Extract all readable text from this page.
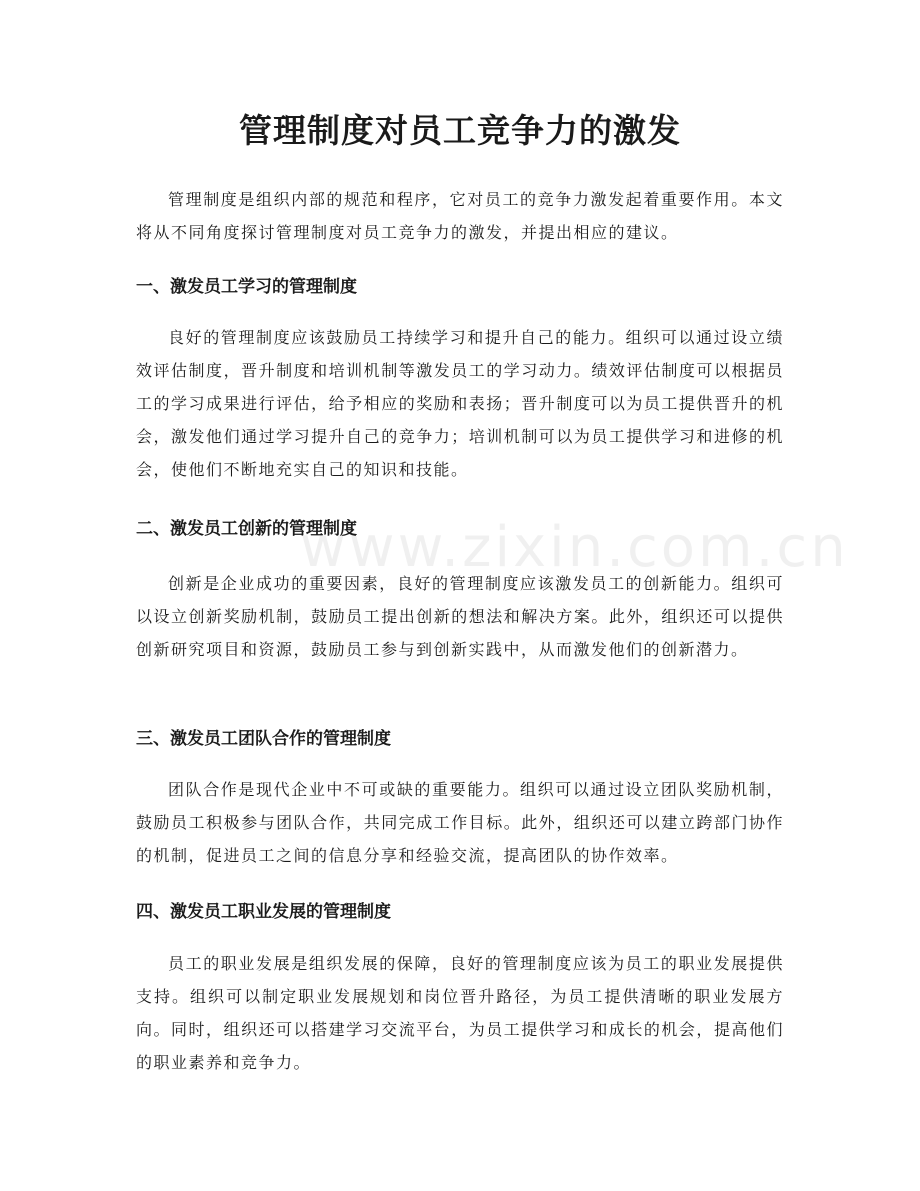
www.zixin.com.cn
管理制度对员工竞争力的激发

管理制度是组织内部的规范和程序，它对员工的竞争力激发起着重要作用。本文将从不同角度探讨管理制度对员工竞争力的激发，并提出相应的建议。

一、激发员工学习的管理制度

良好的管理制度应该鼓励员工持续学习和提升自己的能力。组织可以通过设立绩效评估制度，晋升制度和培训机制等激发员工的学习动力。绩效评估制度可以根据员工的学习成果进行评估，给予相应的奖励和表扬；晋升制度可以为员工提供晋升的机会，激发他们通过学习提升自己的竞争力；培训机制可以为员工提供学习和进修的机会，使他们不断地充实自己的知识和技能。

二、激发员工创新的管理制度

创新是企业成功的重要因素，良好的管理制度应该激发员工的创新能力。组织可以设立创新奖励机制，鼓励员工提出创新的想法和解决方案。此外，组织还可以提供创新研究项目和资源，鼓励员工参与到创新实践中，从而激发他们的创新潜力。

三、激发员工团队合作的管理制度

团队合作是现代企业中不可或缺的重要能力。组织可以通过设立团队奖励机制，鼓励员工积极参与团队合作，共同完成工作目标。此外，组织还可以建立跨部门协作的机制，促进员工之间的信息分享和经验交流，提高团队的协作效率。

四、激发员工职业发展的管理制度

员工的职业发展是组织发展的保障，良好的管理制度应该为员工的职业发展提供支持。组织可以制定职业发展规划和岗位晋升路径，为员工提供清晰的职业发展方向。同时，组织还可以搭建学习交流平台，为员工提供学习和成长的机会，提高他们的职业素养和竞争力。
